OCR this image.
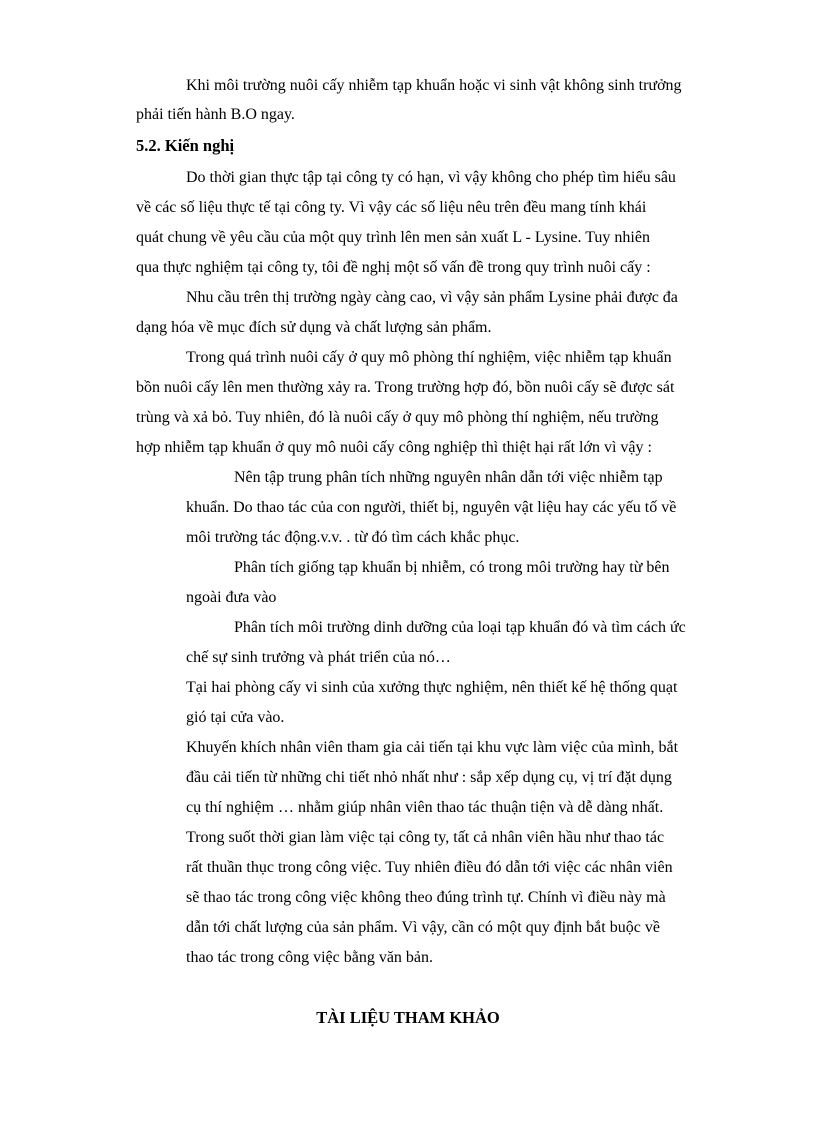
Khi môi trường nuôi cấy nhiễm tạp khuẩn hoặc vi sinh vật không sinh trưởng
phải tiến hành B.O ngay.
5.2. Kiến nghị
Do thời gian thực tập tại công ty có hạn, vì vậy không cho phép tìm hiểu sâu
về các số liệu thực tế tại công ty. Vì vậy các số liệu nêu trên đều mang tính khái
quát chung về yêu cầu của một quy trình lên men sản xuất L - Lysine. Tuy nhiên
qua thực nghiệm tại công ty, tôi đề nghị một số vấn đề trong quy trình nuôi cấy :
Nhu cầu trên thị trường ngày càng cao, vì vậy sản phẩm Lysine phải được đa
dạng hóa về mục đích sử dụng và chất lượng sản phẩm.
Trong quá trình nuôi cấy ở quy mô phòng thí nghiệm, việc nhiễm tạp khuẩn
bồn nuôi cấy lên men thường xảy ra. Trong trường hợp đó, bồn nuôi cấy sẽ được sát
trùng và xả bỏ. Tuy nhiên, đó là nuôi cấy ở quy mô phòng thí nghiệm, nếu trường
hợp nhiễm tạp khuẩn ở quy mô nuôi cấy công nghiệp thì thiệt hại rất lớn vì vậy :
Nên tập trung phân tích những nguyên nhân dẫn tới việc nhiễm tạp
khuẩn. Do thao tác của con người, thiết bị, nguyên vật liệu hay các yếu tố về
môi trường tác động.v.v. . từ đó tìm cách khắc phục.
Phân tích giống tạp khuẩn bị nhiễm, có trong môi trường hay từ bên
ngoài đưa vào
Phân tích môi trường dinh dưỡng của loại tạp khuẩn đó và tìm cách ức
chế sự sinh trưởng và phát triển của nó…
Tại hai phòng cấy vi sinh của xưởng thực nghiệm, nên thiết kế hệ thống quạt
gió tại cửa vào.
Khuyến khích nhân viên tham gia cải tiến tại khu vực làm việc của mình, bắt
đầu cải tiến từ những chi tiết nhỏ nhất như : sắp xếp dụng cụ, vị trí đặt dụng
cụ thí nghiệm … nhằm giúp nhân viên thao tác thuận tiện và dễ dàng nhất.
Trong suốt thời gian làm việc tại công ty, tất cả nhân viên hầu như thao tác
rất thuần thục trong công việc. Tuy nhiên điều đó dẫn tới việc các nhân viên
sẽ thao tác trong công việc không theo đúng trình tự. Chính vì điều này mà
dẫn tới chất lượng của sản phẩm. Vì vậy, cần có một quy định bắt buộc về
thao tác trong công việc bằng văn bản.
TÀI LIỆU THAM KHẢO
